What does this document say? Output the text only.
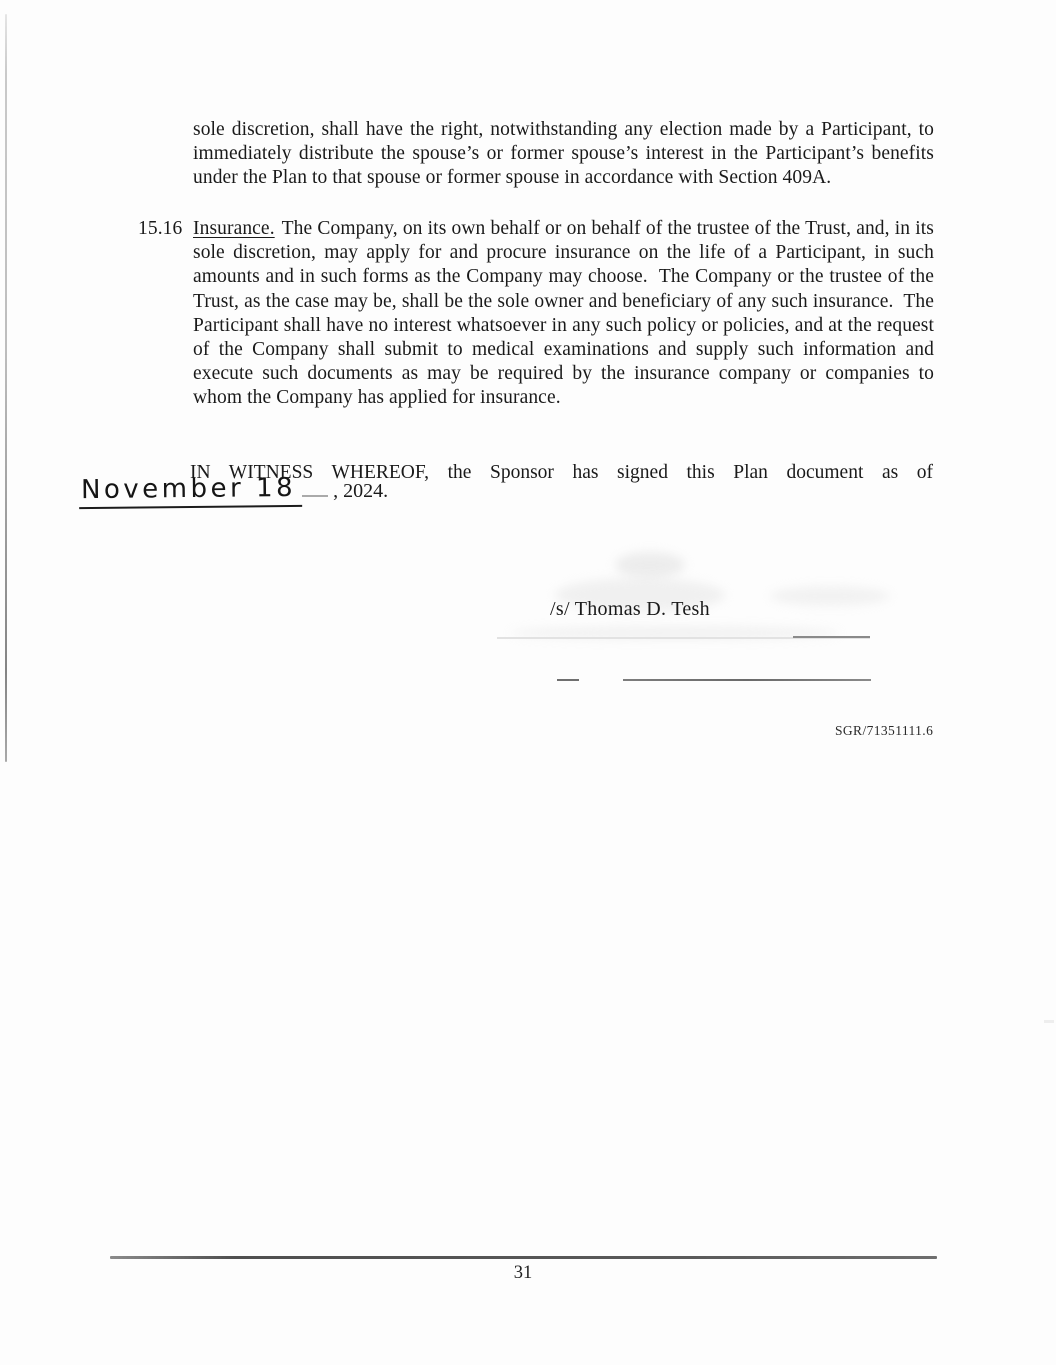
sole discretion, shall have the right, notwithstanding any election made by a Participant, to immediately distribute the spouse’s or former spouse’s interest in the Participant’s benefits under the Plan to that spouse or former spouse in accordance with Section 409A.

15.16 Insurance. The Company, on its own behalf or on behalf of the trustee of the Trust, and, in its sole discretion, may apply for and procure insurance on the life of a Participant, in such amounts and in such forms as the Company may choose.  The Company or the trustee of the Trust, as the case may be, shall be the sole owner and beneficiary of any such insurance.  The Participant shall have no interest whatsoever in any such policy or policies, and at the request of the Company shall submit to medical examinations and supply such information and execute such documents as may be required by the insurance company or companies to whom the Company has applied for insurance.
IN WITNESS WHEREOF, the Sponsor has signed this Plan document as of
November 18	, 2024.
/s/ Thomas D. Tesh
SGR/71351111.6
31
